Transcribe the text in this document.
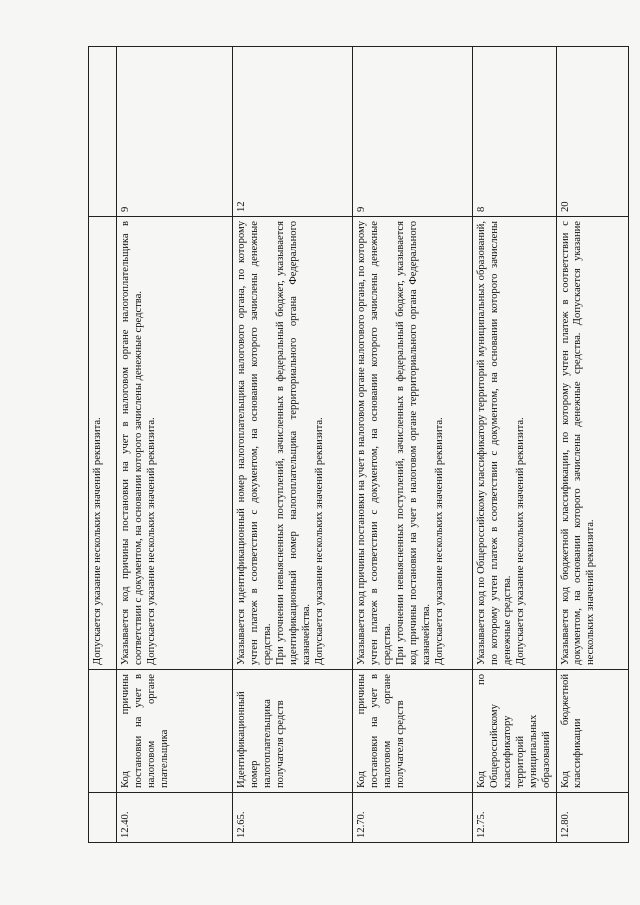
		Допускается указание нескольких значений реквизита.	
12.40.	Код причины постановки на учет в налоговом органе плательщика	Указывается код причины постановки на учет в налоговом органе налогоплательщика в соответствии с документом, на основании которого зачислены денежные средства. Допускается указание нескольких значений реквизита.	9
12.65.	Идентификационный номер налогоплательщика получателя средств	Указывается идентификационный номер налогоплательщика налогового органа, по которому учтен платеж в соответствии с документом, на основании которого зачислены денежные средства. При уточнении невыясненных поступлений, зачисленных в федеральный бюджет, указывается идентификационный номер налогоплательщика территориального органа Федерального казначейства. Допускается указание нескольких значений реквизита.	12
12.70.	Код причины постановки на учет в налоговом органе получателя средств	Указывается код причины постановки на учет в налоговом органе налогового органа, по которому учтен платеж в соответствии с документом, на основании которого зачислены денежные средства. При уточнении невыясненных поступлений, зачисленных в федеральный бюджет, указывается код причины постановки на учет в налоговом органе территориального органа Федерального казначейства. Допускается указание нескольких значений реквизита.	9
12.75.	Код по Общероссийскому классификатору территорий муниципальных образований	Указывается код по Общероссийскому классификатору территорий муниципальных образований, по которому учтен платеж в соответствии с документом, на основании которого зачислены денежные средства. Допускается указание нескольких значений реквизита.	8
12.80.	Код бюджетной классификации	Указывается код бюджетной классификации, по которому учтен платеж в соответствии с документом, на основании которого зачислены денежные средства. Допускается указание нескольких значений реквизита.	20
